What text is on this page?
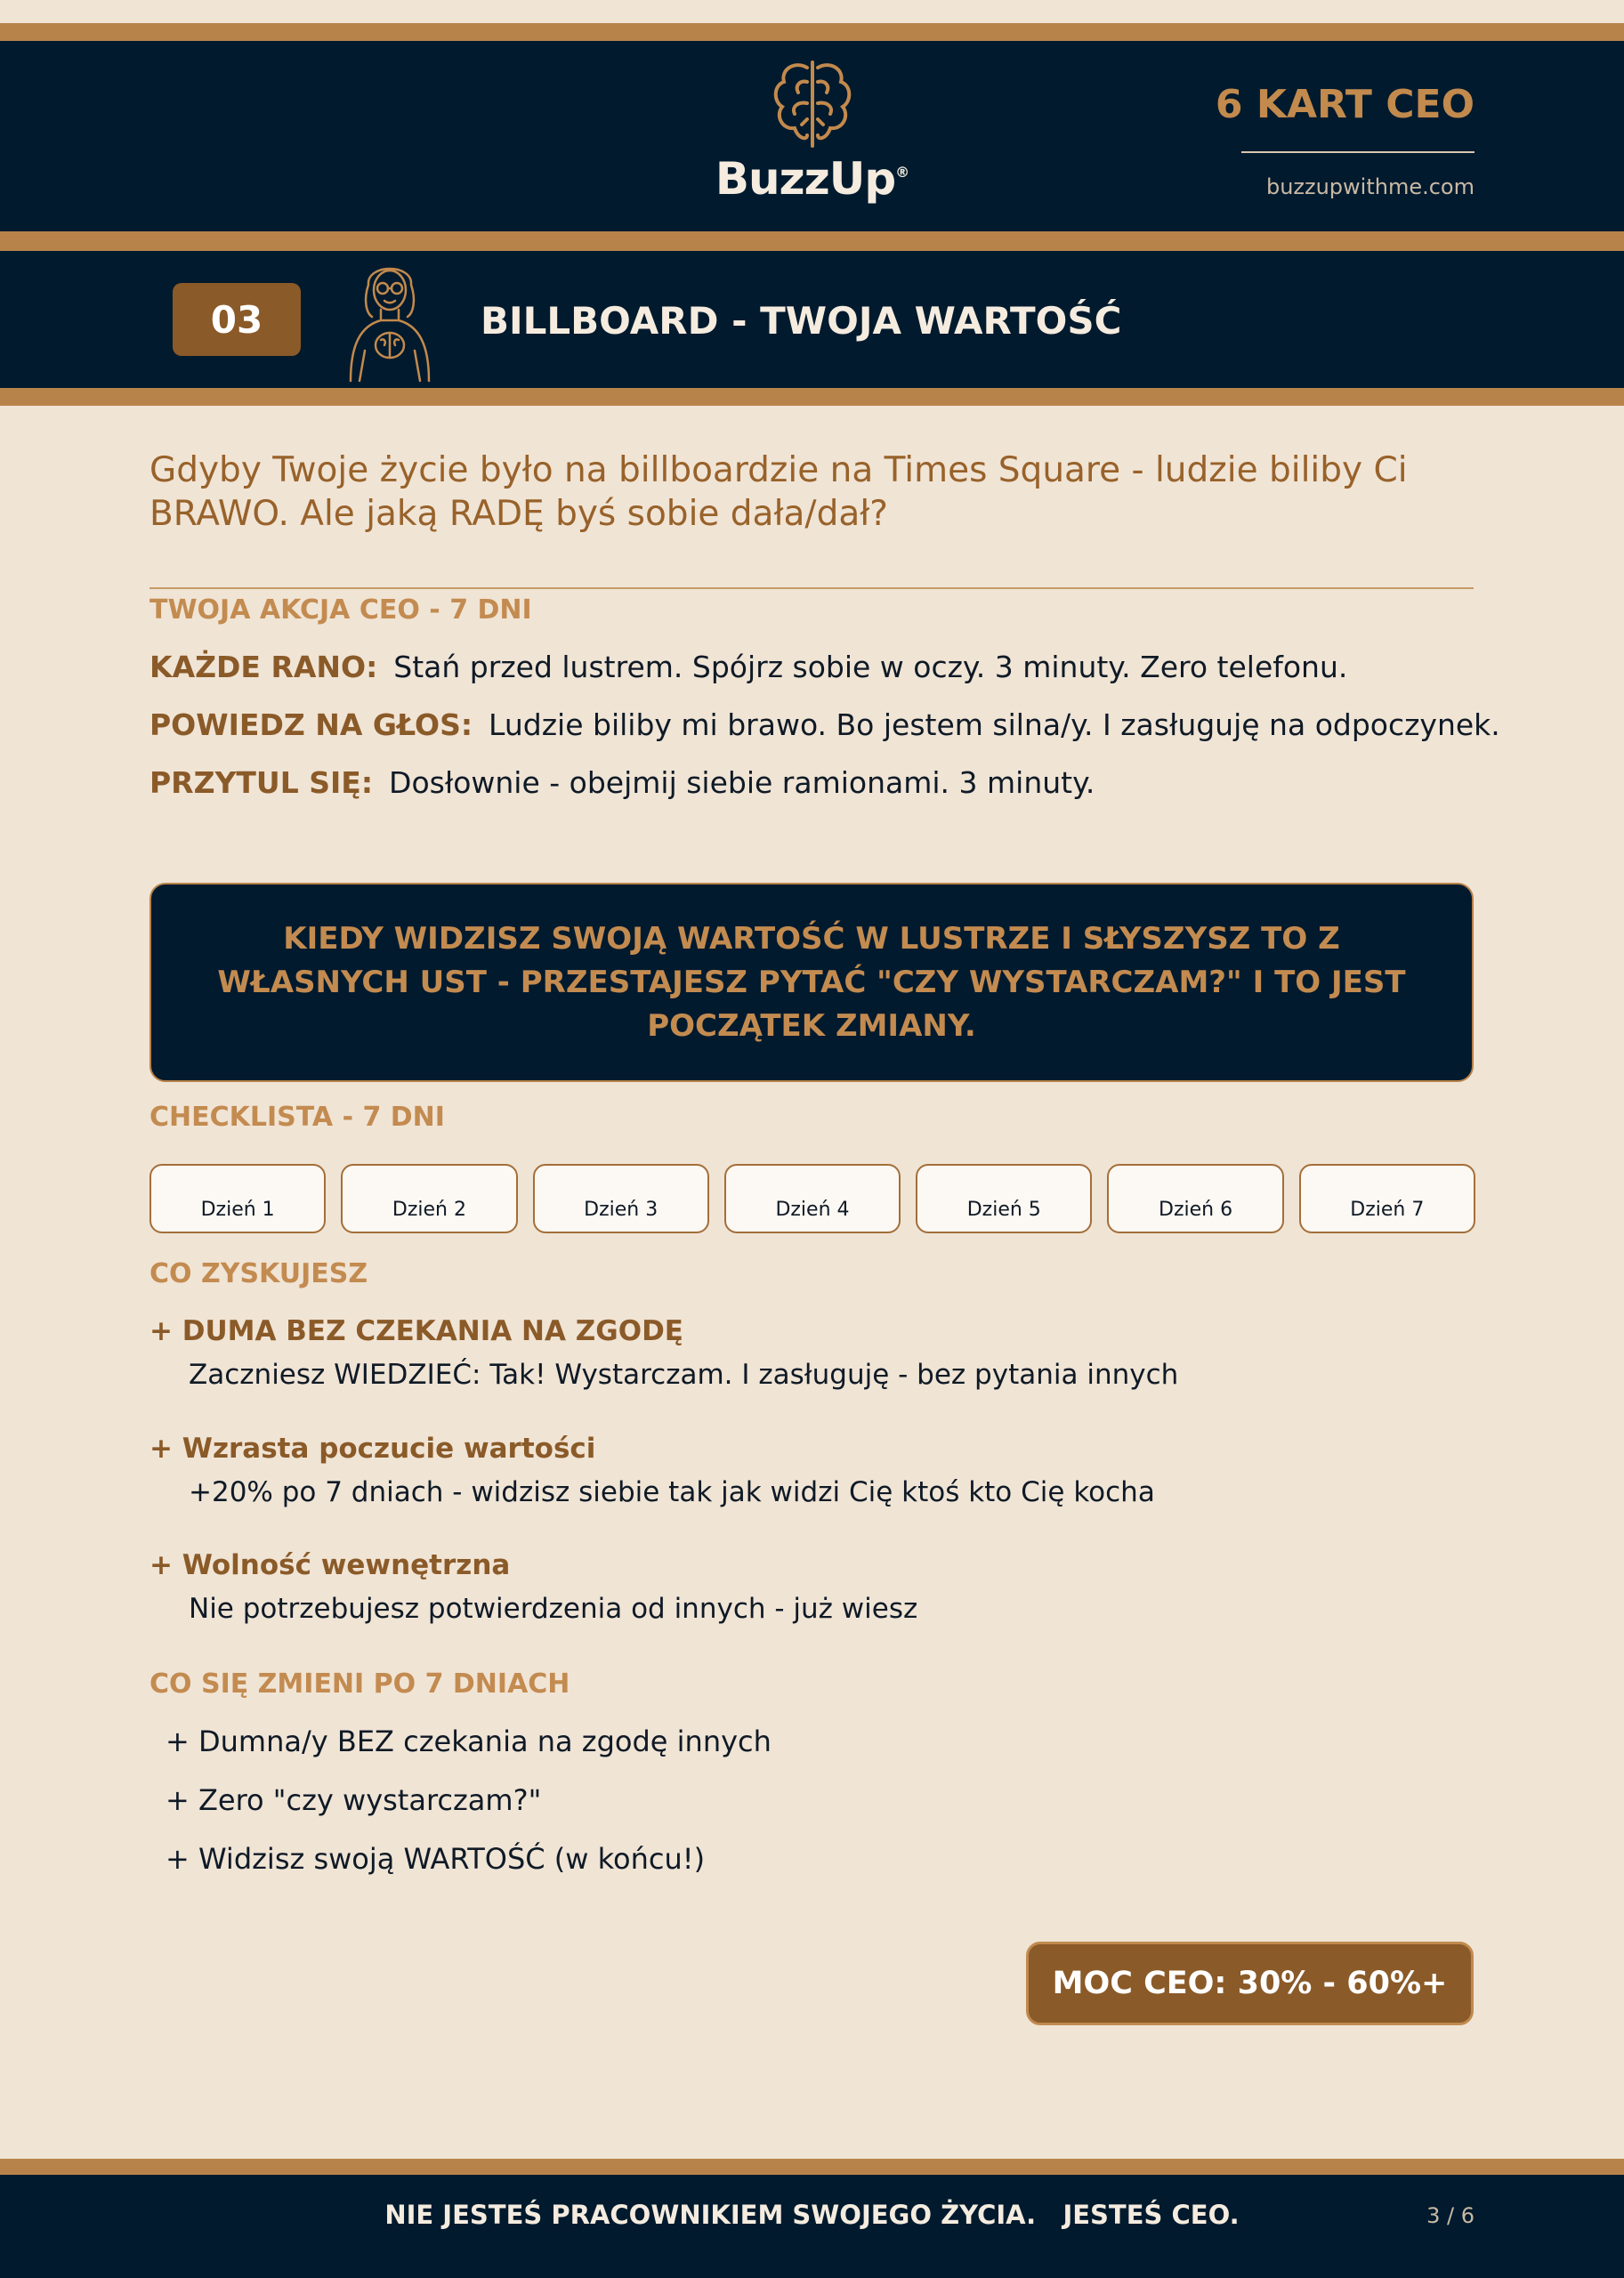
BuzzUp®
6 KART CEO
buzzupwithme.com
03	BILLBOARD - TWOJA WARTOŚĆ
Gdyby Twoje życie było na billboardzie na Times Square - ludzie biliby Ci BRAWO. Ale jaką RADĘ byś sobie dała/dał?
TWOJA AKCJA CEO - 7 DNI
KAŻDE RANO: Stań przed lustrem. Spójrz sobie w oczy. 3 minuty. Zero telefonu.
POWIEDZ NA GŁOS: Ludzie biliby mi brawo. Bo jestem silna/y. I zasługuję na odpoczynek.
PRZYTUL SIĘ: Dosłownie - obejmij siebie ramionami. 3 minuty.

KIEDY WIDZISZ SWOJĄ WARTOŚĆ W LUSTRZE I SŁYSZYSZ TO Z WŁASNYCH UST - PRZESTAJESZ PYTAĆ "CZY WYSTARCZAM?" I TO JEST POCZĄTEK ZMIANY.

CHECKLISTA - 7 DNI
Dzień 1	Dzień 2	Dzień 3	Dzień 4	Dzień 5	Dzień 6	Dzień 7
CO ZYSKUJESZ
+ DUMA BEZ CZEKANIA NA ZGODĘ
Zaczniesz WIEDZIEĆ: Tak! Wystarczam. I zasługuję - bez pytania innych
+ Wzrasta poczucie wartości
+20% po 7 dniach - widzisz siebie tak jak widzi Cię ktoś kto Cię kocha
+ Wolność wewnętrzna
Nie potrzebujesz potwierdzenia od innych - już wiesz
CO SIĘ ZMIENI PO 7 DNIACH
+ Dumna/y BEZ czekania na zgodę innych
+ Zero "czy wystarczam?"
+ Widzisz swoją WARTOŚĆ (w końcu!)
MOC CEO: 30% - 60%+
NIE JESTEŚ PRACOWNIKIEM SWOJEGO ŻYCIA.   JESTEŚ CEO.	3 / 6
